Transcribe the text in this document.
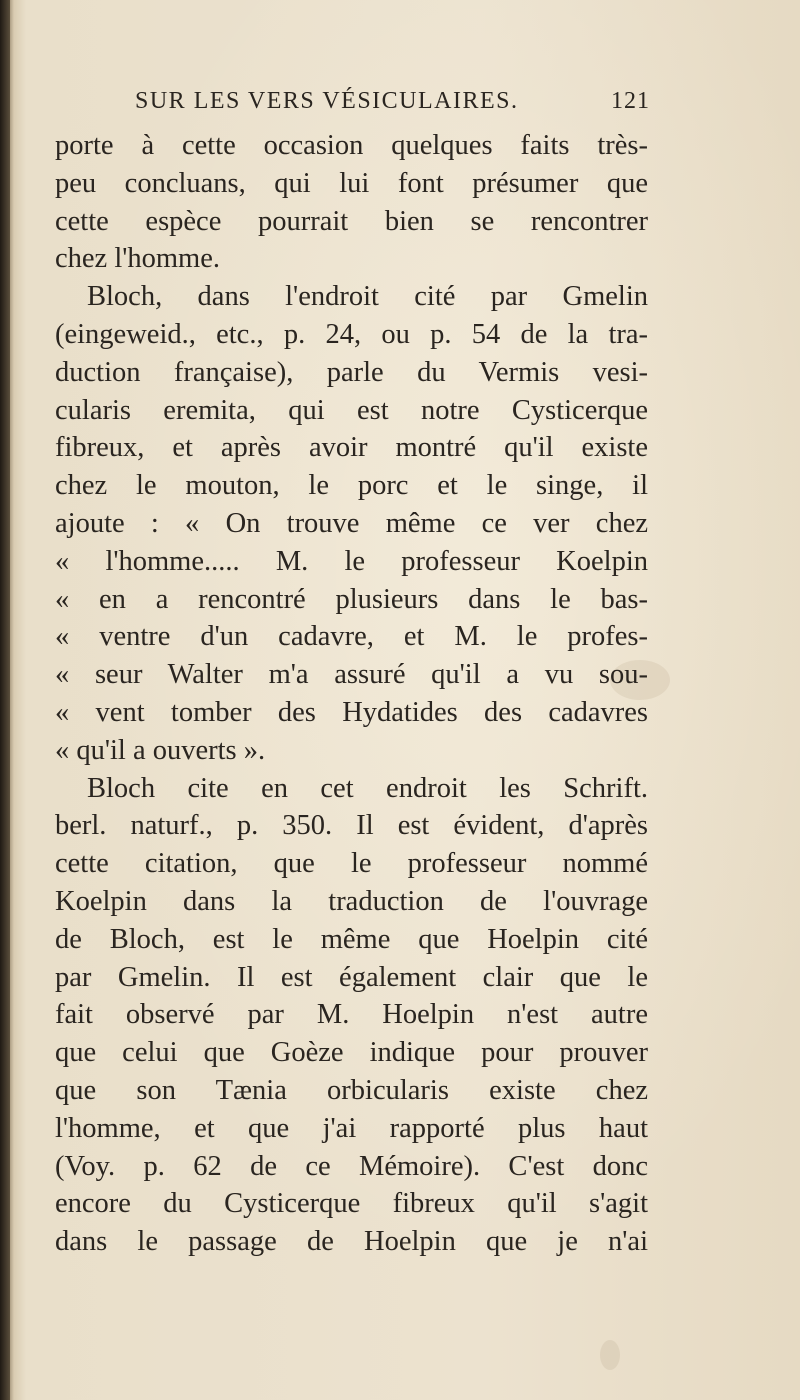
SUR LES VERS VÉSICULAIRES.	121
porte à cette occasion quelques faits très-
peu concluans, qui lui font présumer que
cette espèce pourrait bien se rencontrer
chez l'homme.
Bloch, dans l'endroit cité par Gmelin
(eingeweid., etc., p. 24, ou p. 54 de la tra-
duction française), parle du Vermis vesi-
cularis eremita, qui est notre Cysticerque
fibreux, et après avoir montré qu'il existe
chez le mouton, le porc et le singe, il
ajoute : « On trouve même ce ver chez
« l'homme..... M. le professeur Koelpin
« en a rencontré plusieurs dans le bas-
« ventre d'un cadavre, et M. le profes-
« seur Walter m'a assuré qu'il a vu sou-
« vent tomber des Hydatides des cadavres
« qu'il a ouverts ».
Bloch cite en cet endroit les Schrift.
berl. naturf., p. 350. Il est évident, d'après
cette citation, que le professeur nommé
Koelpin dans la traduction de l'ouvrage
de Bloch, est le même que Hoelpin cité
par Gmelin. Il est également clair que le
fait observé par M. Hoelpin n'est autre
que celui que Goèze indique pour prouver
que son Tænia orbicularis existe chez
l'homme, et que j'ai rapporté plus haut
(Voy. p. 62 de ce Mémoire). C'est donc
encore du Cysticerque fibreux qu'il s'agit
dans le passage de Hoelpin que je n'ai
